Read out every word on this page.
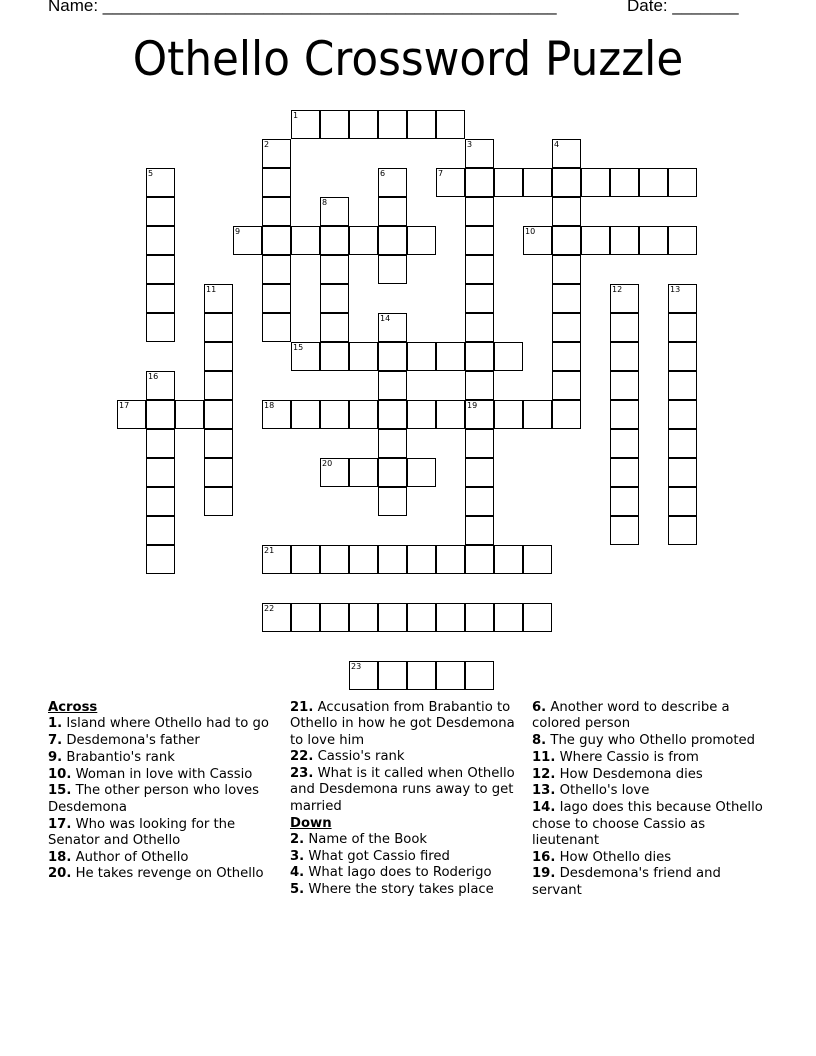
Name: ________________________________________________	Date: _______
Othello Crossword Puzzle
1
2	3	4
5	6	7
8
9	10
11	12	13
14
15
16
17	18	19
20
21
22
23
Across
1. Island where Othello had to go
7. Desdemona's father
9. Brabantio's rank
10. Woman in love with Cassio
15. The other person who loves Desdemona
17. Who was looking for the Senator and Othello
18. Author of Othello
20. He takes revenge on Othello
21. Accusation from Brabantio to Othello in how he got Desdemona to love him
22. Cassio's rank
23. What is it called when Othello and Desdemona runs away to get married
Down
2. Name of the Book
3. What got Cassio fired
4. What Iago does to Roderigo
5. Where the story takes place
6. Another word to describe a colored person
8. The guy who Othello promoted
11. Where Cassio is from
12. How Desdemona dies
13. Othello's love
14. Iago does this because Othello chose to choose Cassio as lieutenant
16. How Othello dies
19. Desdemona's friend and servant
